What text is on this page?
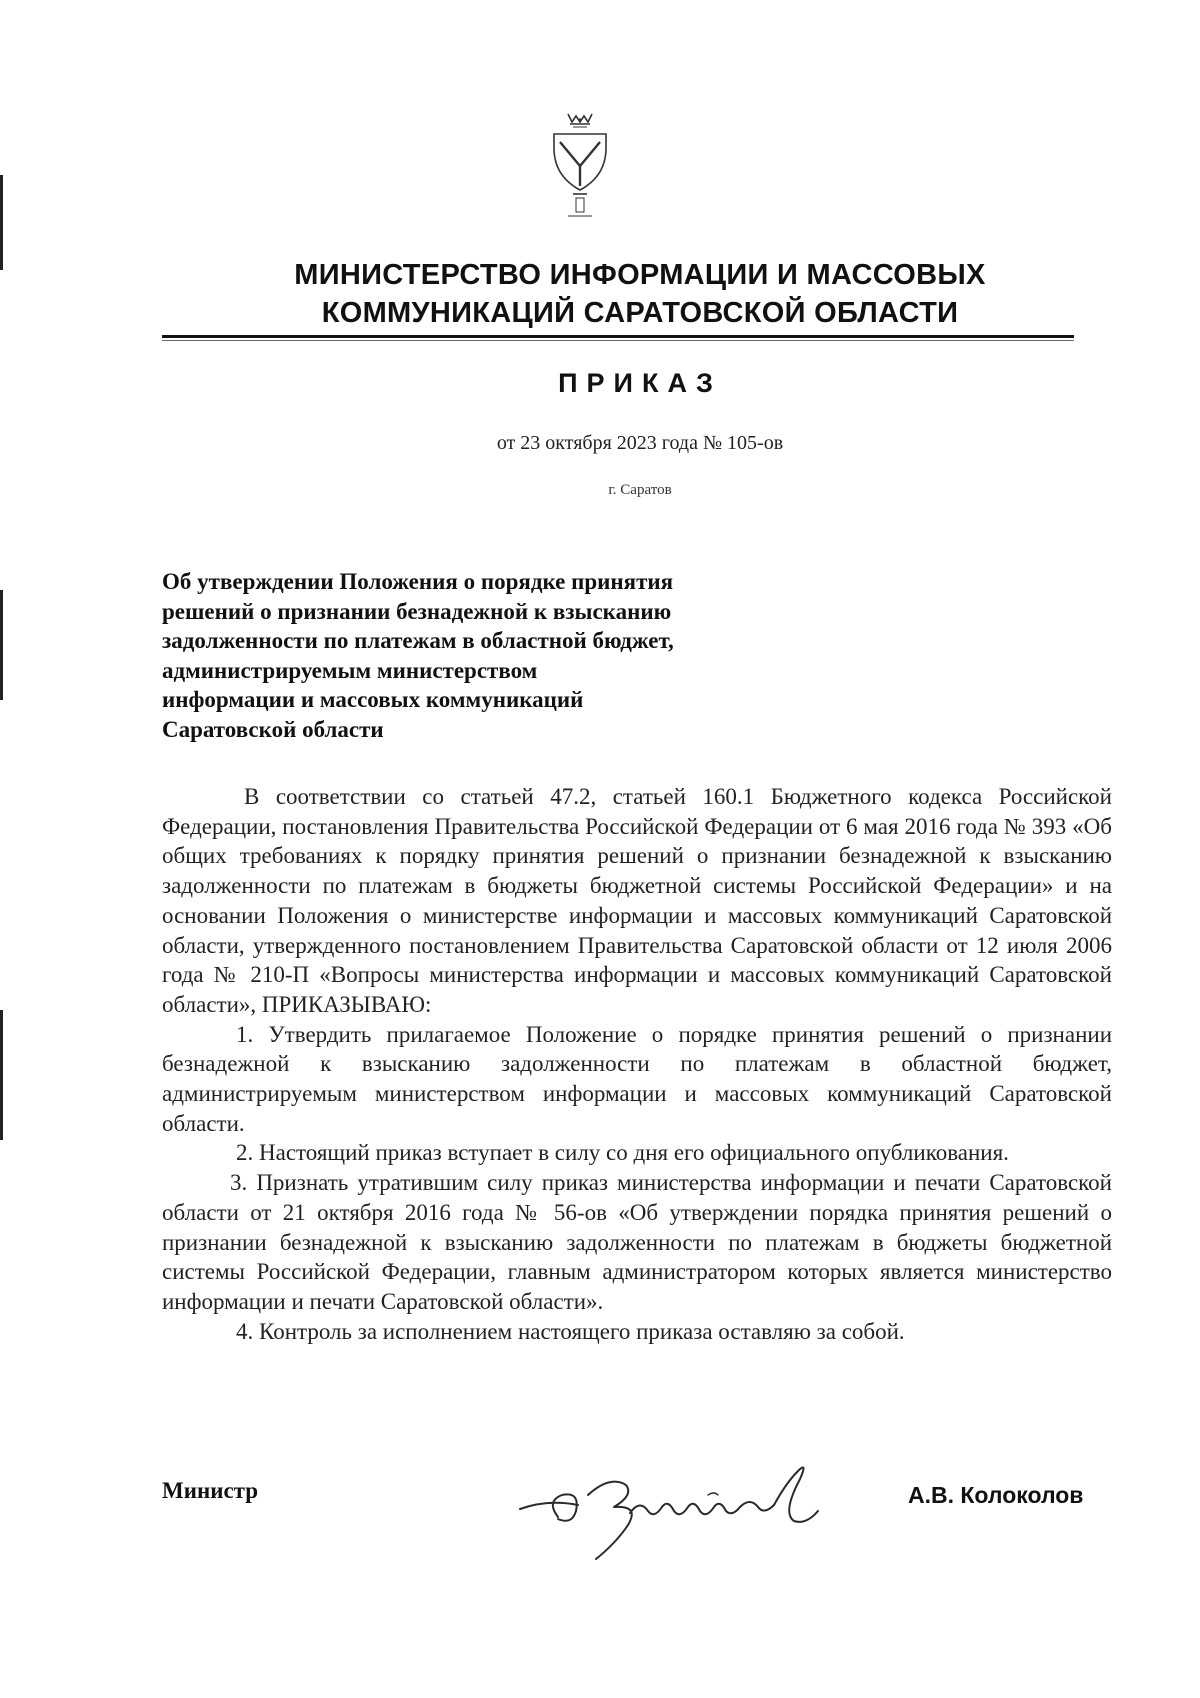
МИНИСТЕРСТВО ИНФОРМАЦИИ И МАССОВЫХ
КОММУНИКАЦИЙ САРАТОВСКОЙ ОБЛАСТИ
ПРИКАЗ
от 23 октября 2023 года № 105-ов
г. Саратов
Об утверждении Положения о порядке принятия
решений о признании безнадежной к взысканию
задолженности по платежам в областной бюджет,
администрируемым министерством
информации и массовых коммуникаций
Саратовской области

В соответствии со статьей 47.2, статьей 160.1 Бюджетного кодекса Российской Федерации, постановления Правительства Российской Федерации от 6 мая 2016 года № 393 «Об общих требованиях к порядку принятия решений о признании безнадежной к взысканию задолженности по платежам в бюджеты бюджетной системы Российской Федерации» и на основании Положения о министерстве информации и массовых коммуникаций Саратовской области, утвержденного постановлением Правительства Саратовской области от 12 июля 2006 года № 210-П «Вопросы министерства информации и массовых коммуникаций Саратовской области», ПРИКАЗЫВАЮ:

1. Утвердить прилагаемое Положение о порядке принятия решений о признании безнадежной к взысканию задолженности по платежам в областной бюджет, администрируемым министерством информации и массовых коммуникаций Саратовской области.

2. Настоящий приказ вступает в силу со дня его официального опубликования.

3. Признать утратившим силу приказ министерства информации и печати Саратовской области от 21 октября 2016 года № 56-ов «Об утверждении порядка принятия решений о признании безнадежной к взысканию задолженности по платежам в бюджеты бюджетной системы Российской Федерации, главным администратором которых является министерство информации и печати Саратовской области».

4. Контроль за исполнением настоящего приказа оставляю за собой.

Министр	А.В. Колоколов
